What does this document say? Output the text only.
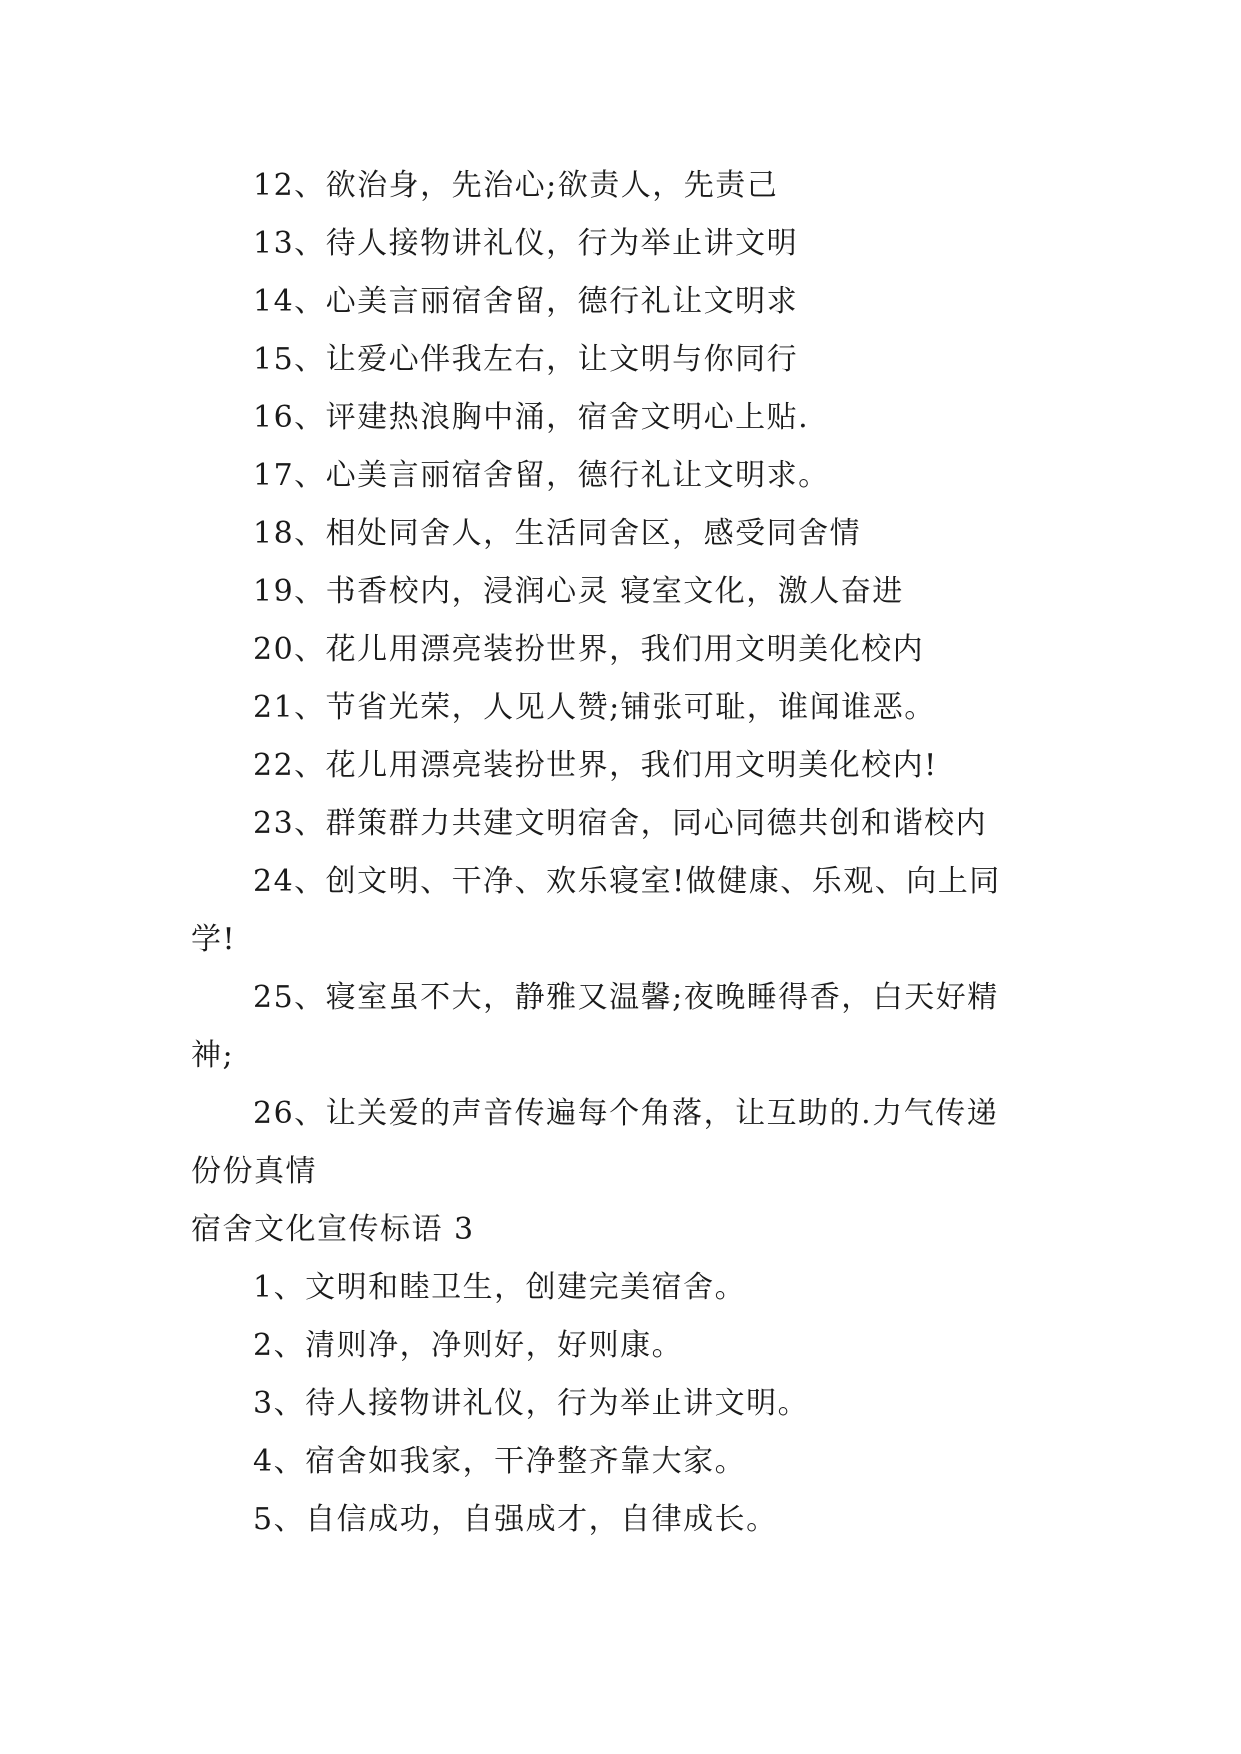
12、欲治身，先治心;欲责人，先责己
13、待人接物讲礼仪，行为举止讲文明
14、心美言丽宿舍留，德行礼让文明求
15、让爱心伴我左右，让文明与你同行
16、评建热浪胸中涌，宿舍文明心上贴.
17、心美言丽宿舍留，德行礼让文明求。
18、相处同舍人，生活同舍区，感受同舍情
19、书香校内，浸润心灵 寝室文化，激人奋进
20、花儿用漂亮装扮世界，我们用文明美化校内
21、节省光荣，人见人赞;铺张可耻，谁闻谁恶。
22、花儿用漂亮装扮世界，我们用文明美化校内!
23、群策群力共建文明宿舍，同心同德共创和谐校内
24、创文明、干净、欢乐寝室!做健康、乐观、向上同
学!
25、寝室虽不大，静雅又温馨;夜晚睡得香，白天好精
神;
26、让关爱的声音传遍每个角落，让互助的.力气传递
份份真情
宿舍文化宣传标语 3
1、文明和睦卫生，创建完美宿舍。
2、清则净，净则好，好则康。
3、待人接物讲礼仪，行为举止讲文明。
4、宿舍如我家，干净整齐靠大家。
5、自信成功，自强成才，自律成长。
